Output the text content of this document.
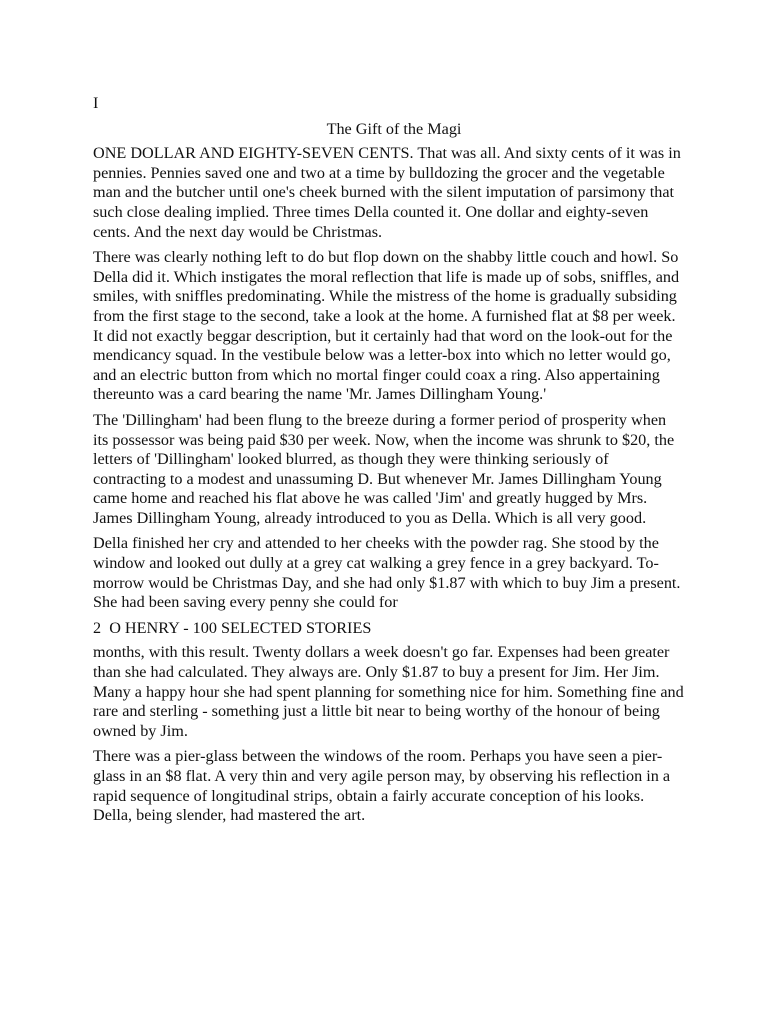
I

The Gift of the Magi

ONE DOLLAR AND EIGHTY-SEVEN CENTS. That was all. And sixty cents of it was in pennies. Pennies saved one and two at a time by bulldozing the grocer and the vegetable man and the butcher until one's cheek burned with the silent imputation of parsimony that such close dealing implied. Three times Della counted it. One dollar and eighty-seven cents. And the next day would be Christmas.

There was clearly nothing left to do but flop down on the shabby little couch and howl. So Della did it. Which instigates the moral reflection that life is made up of sobs, sniffles, and smiles, with sniffles predominating. While the mistress of the home is gradually subsiding from the first stage to the second, take a look at the home. A furnished flat at $8 per week. It did not exactly beggar description, but it certainly had that word on the look-out for the mendicancy squad. In the vestibule below was a letter-box into which no letter would go, and an electric button from which no mortal finger could coax a ring. Also appertaining thereunto was a card bearing the name 'Mr. James Dillingham Young.'

The 'Dillingham' had been flung to the breeze during a former period of prosperity when its possessor was being paid $30 per week. Now, when the income was shrunk to $20, the letters of 'Dillingham' looked blurred, as though they were thinking seriously of contracting to a modest and unassuming D. But whenever Mr. James Dillingham Young came home and reached his flat above he was called 'Jim' and greatly hugged by Mrs. James Dillingham Young, already introduced to you as Della. Which is all very good.

Della finished her cry and attended to her cheeks with the powder rag. She stood by the window and looked out dully at a grey cat walking a grey fence in a grey backyard. To-morrow would be Christmas Day, and she had only $1.87 with which to buy Jim a present. She had been saving every penny she could for

2  O HENRY - 100 SELECTED STORIES

months, with this result. Twenty dollars a week doesn't go far. Expenses had been greater than she had calculated. They always are. Only $1.87 to buy a present for Jim. Her Jim. Many a happy hour she had spent planning for something nice for him. Something fine and rare and sterling - something just a little bit near to being worthy of the honour of being owned by Jim.

There was a pier-glass between the windows of the room. Perhaps you have seen a pier-glass in an $8 flat. A very thin and very agile person may, by observing his reflection in a rapid sequence of longitudinal strips, obtain a fairly accurate conception of his looks. Della, being slender, had mastered the art.
